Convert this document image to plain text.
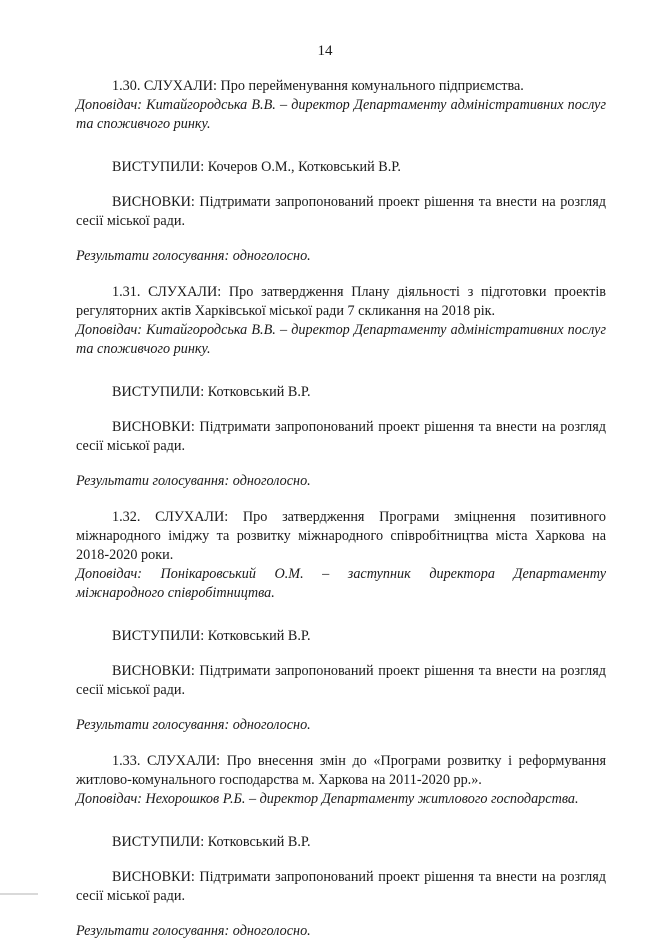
14

1.30. СЛУХАЛИ: Про перейменування комунального підприємства.

Доповідач: Китайгородська В.В. – директор Департаменту адміністративних послуг та споживчого ринку.

ВИСТУПИЛИ: Кочеров О.М., Котковський В.Р.

ВИСНОВКИ: Підтримати запропонований проект рішення та внести на розгляд сесії міської ради.

Результати голосування: одноголосно.

1.31. СЛУХАЛИ: Про затвердження Плану діяльності з підготовки проектів регуляторних актів Харківської міської ради 7 скликання на 2018 рік.

Доповідач: Китайгородська В.В. – директор Департаменту адміністративних послуг та споживчого ринку.

ВИСТУПИЛИ: Котковський В.Р.

ВИСНОВКИ: Підтримати запропонований проект рішення та внести на розгляд сесії міської ради.

Результати голосування: одноголосно.

1.32. СЛУХАЛИ: Про затвердження Програми зміцнення позитивного міжнародного іміджу та розвитку міжнародного співробітництва міста Харкова на 2018-2020 роки.

Доповідач: Понікаровський О.М. – заступник директора Департаменту міжнародного співробітництва.

ВИСТУПИЛИ: Котковський В.Р.

ВИСНОВКИ: Підтримати запропонований проект рішення та внести на розгляд сесії міської ради.

Результати голосування: одноголосно.

1.33. СЛУХАЛИ: Про внесення змін до «Програми розвитку і реформування житлово-комунального господарства м. Харкова на 2011-2020 рр.».

Доповідач: Нехорошков Р.Б. – директор Департаменту житлового господарства.

ВИСТУПИЛИ: Котковський В.Р.

ВИСНОВКИ: Підтримати запропонований проект рішення та внести на розгляд сесії міської ради.

Результати голосування: одноголосно.
